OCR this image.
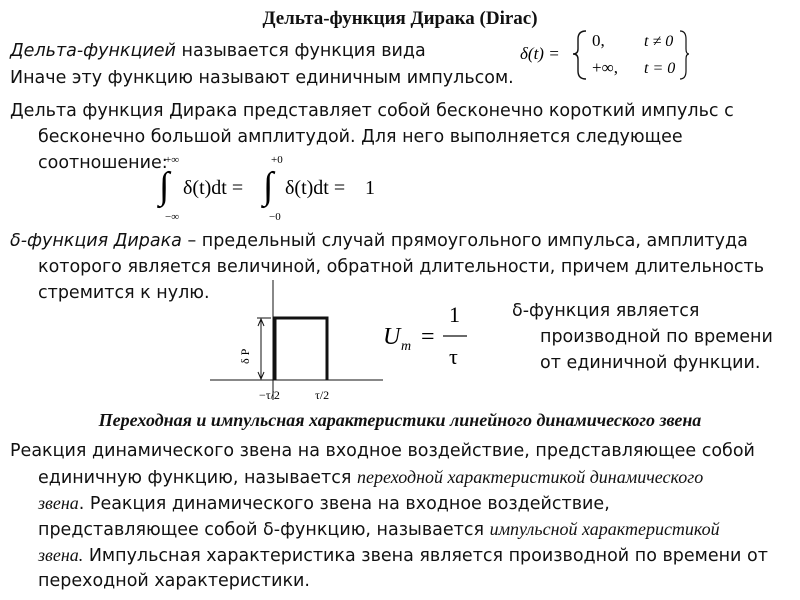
Дельта-функция Дирака (Dirac)
Дельта-функцией называется функция вида
Иначе эту функцию называют единичным импульсом.
δ(t) =
0, t ≠ 0
+∞, t = 0
Дельта функция Дирака представляет собой бесконечно короткий импульс с
бесконечно большой амплитудой. Для него выполняется следующее
соотношение:
+∞
∫
−∞
δ(t)dt =
+0
∫
−0
δ(t)dt = 1
δ-функция Дирака – предельный случай прямоугольного импульса, амплитуда
которого является величиной, обратной длительности, причем длительность
стремится к нулю.
δ P
−τ/2	τ/2
U m =
1
τ
δ-функция является
производной по времени
от единичной функции.
Переходная и импульсная характеристики линейного динамического звена
Реакция динамического звена на входное воздействие, представляющее собой
единичную функцию, называется переходной характеристикой динамического
звена. Реакция динамического звена на входное воздействие,
представляющее собой δ-функцию, называется импульсной характеристикой
звена. Импульсная характеристика звена является производной по времени от
переходной характеристики.
